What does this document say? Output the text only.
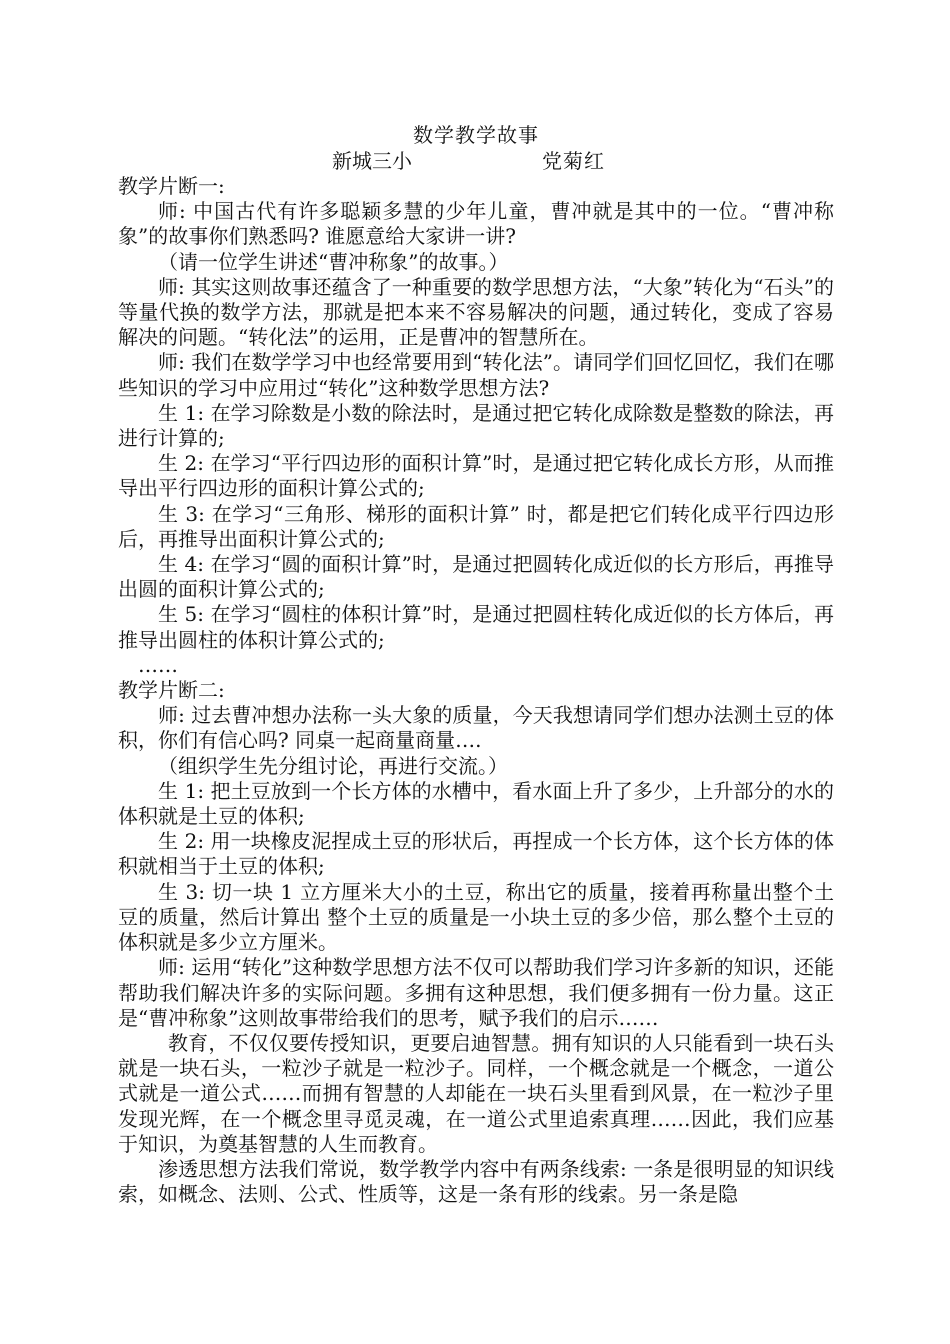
数学教学故事
新城三小	党菊红

教学片断一:

师: 中国古代有许多聪颖多慧的少年儿童，曹冲就是其中的一位。“曹冲称象”的故事你们熟悉吗? 谁愿意给大家讲一讲?

（请一位学生讲述“曹冲称象”的故事。）

师: 其实这则故事还蕴含了一种重要的数学思想方法，“大象”转化为“石头”的等量代换的数学方法，那就是把本来不容易解决的问题，通过转化，变成了容易解决的问题。“转化法”的运用，正是曹冲的智慧所在。

师: 我们在数学学习中也经常要用到“转化法”。请同学们回忆回忆，我们在哪些知识的学习中应用过“转化”这种数学思想方法?

生 1: 在学习除数是小数的除法时，是通过把它转化成除数是整数的除法，再进行计算的;

生 2: 在学习“平行四边形的面积计算”时，是通过把它转化成长方形，从而推导出平行四边形的面积计算公式的;

生 3: 在学习“三角形、梯形的面积计算” 时，都是把它们转化成平行四边形后，再推导出面积计算公式的;

生 4: 在学习“圆的面积计算”时，是通过把圆转化成近似的长方形后，再推导出圆的面积计算公式的;

生 5: 在学习“圆柱的体积计算”时，是通过把圆柱转化成近似的长方体后，再推导出圆柱的体积计算公式的;

……

教学片断二:

师: 过去曹冲想办法称一头大象的质量，今天我想请同学们想办法测土豆的体积，你们有信心吗? 同桌一起商量商量….

（组织学生先分组讨论，再进行交流。）

生 1: 把土豆放到一个长方体的水槽中，看水面上升了多少，上升部分的水的体积就是土豆的体积;

生 2: 用一块橡皮泥捏成土豆的形状后，再捏成一个长方体，这个长方体的体积就相当于土豆的体积;

生 3: 切一块 1 立方厘米大小的土豆，称出它的质量，接着再称量出整个土豆的质量，然后计算出 整个土豆的质量是一小块土豆的多少倍，那么整个土豆的体积就是多少立方厘米。

师: 运用“转化”这种数学思想方法不仅可以帮助我们学习许多新的知识，还能帮助我们解决许多的实际问题。多拥有这种思想，我们便多拥有一份力量。这正是“曹冲称象”这则故事带给我们的思考，赋予我们的启示……

教育，不仅仅要传授知识，更要启迪智慧。拥有知识的人只能看到一块石头就是一块石头，一粒沙子就是一粒沙子。同样，一个概念就是一个概念，一道公式就是一道公式……而拥有智慧的人却能在一块石头里看到风景，在一粒沙子里发现光辉，在一个概念里寻觅灵魂，在一道公式里追索真理……因此，我们应基于知识，为奠基智慧的人生而教育。

渗透思想方法我们常说，数学教学内容中有两条线索: 一条是很明显的知识线索，如概念、法则、公式、性质等，这是一条有形的线索。另一条是隐
